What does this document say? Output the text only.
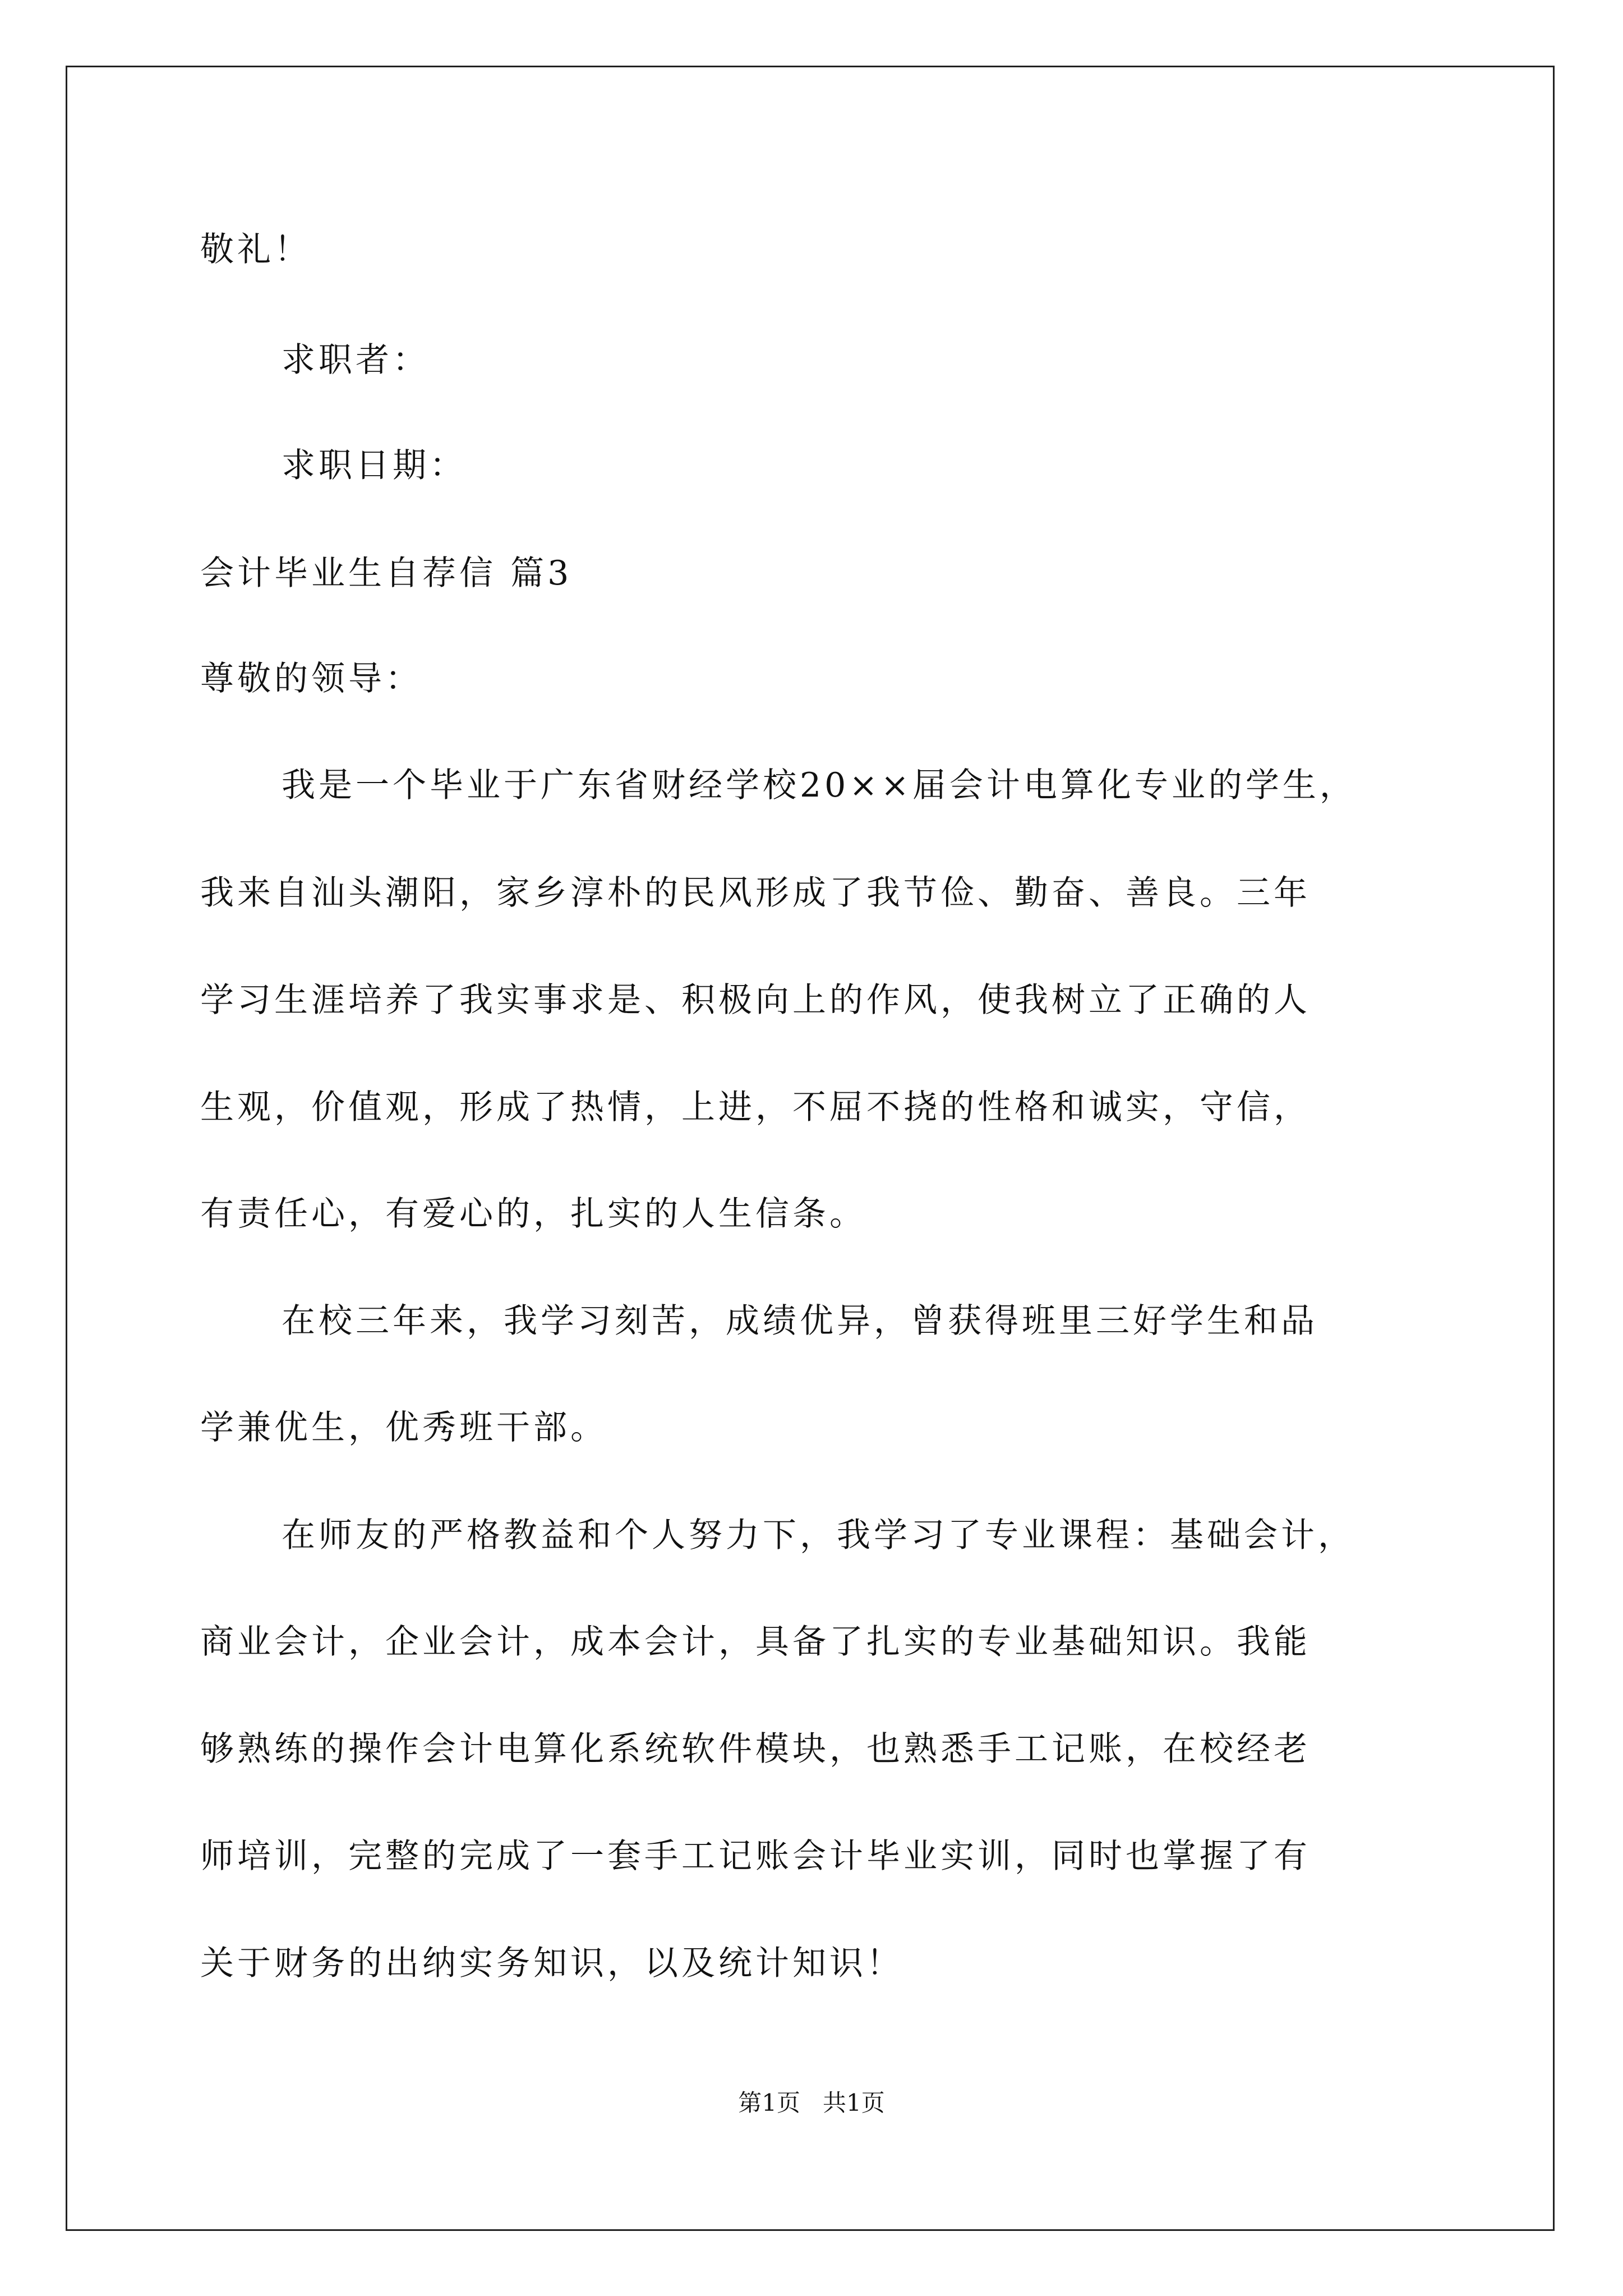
敬礼！
求职者：
求职日期：
会计毕业生自荐信 篇3
尊敬的领导：
我是一个毕业于广东省财经学校20××届会计电算化专业的学生，
我来自汕头潮阳，家乡淳朴的民风形成了我节俭、勤奋、善良。三年
学习生涯培养了我实事求是、积极向上的作风，使我树立了正确的人
生观，价值观，形成了热情，上进，不屈不挠的性格和诚实，守信，
有责任心，有爱心的，扎实的人生信条。
在校三年来，我学习刻苦，成绩优异，曾获得班里三好学生和品
学兼优生，优秀班干部。
在师友的严格教益和个人努力下，我学习了专业课程：基础会计，
商业会计，企业会计，成本会计，具备了扎实的专业基础知识。我能
够熟练的操作会计电算化系统软件模块，也熟悉手工记账，在校经老
师培训，完整的完成了一套手工记账会计毕业实训，同时也掌握了有
关于财务的出纳实务知识，以及统计知识！
第1页   共1页
